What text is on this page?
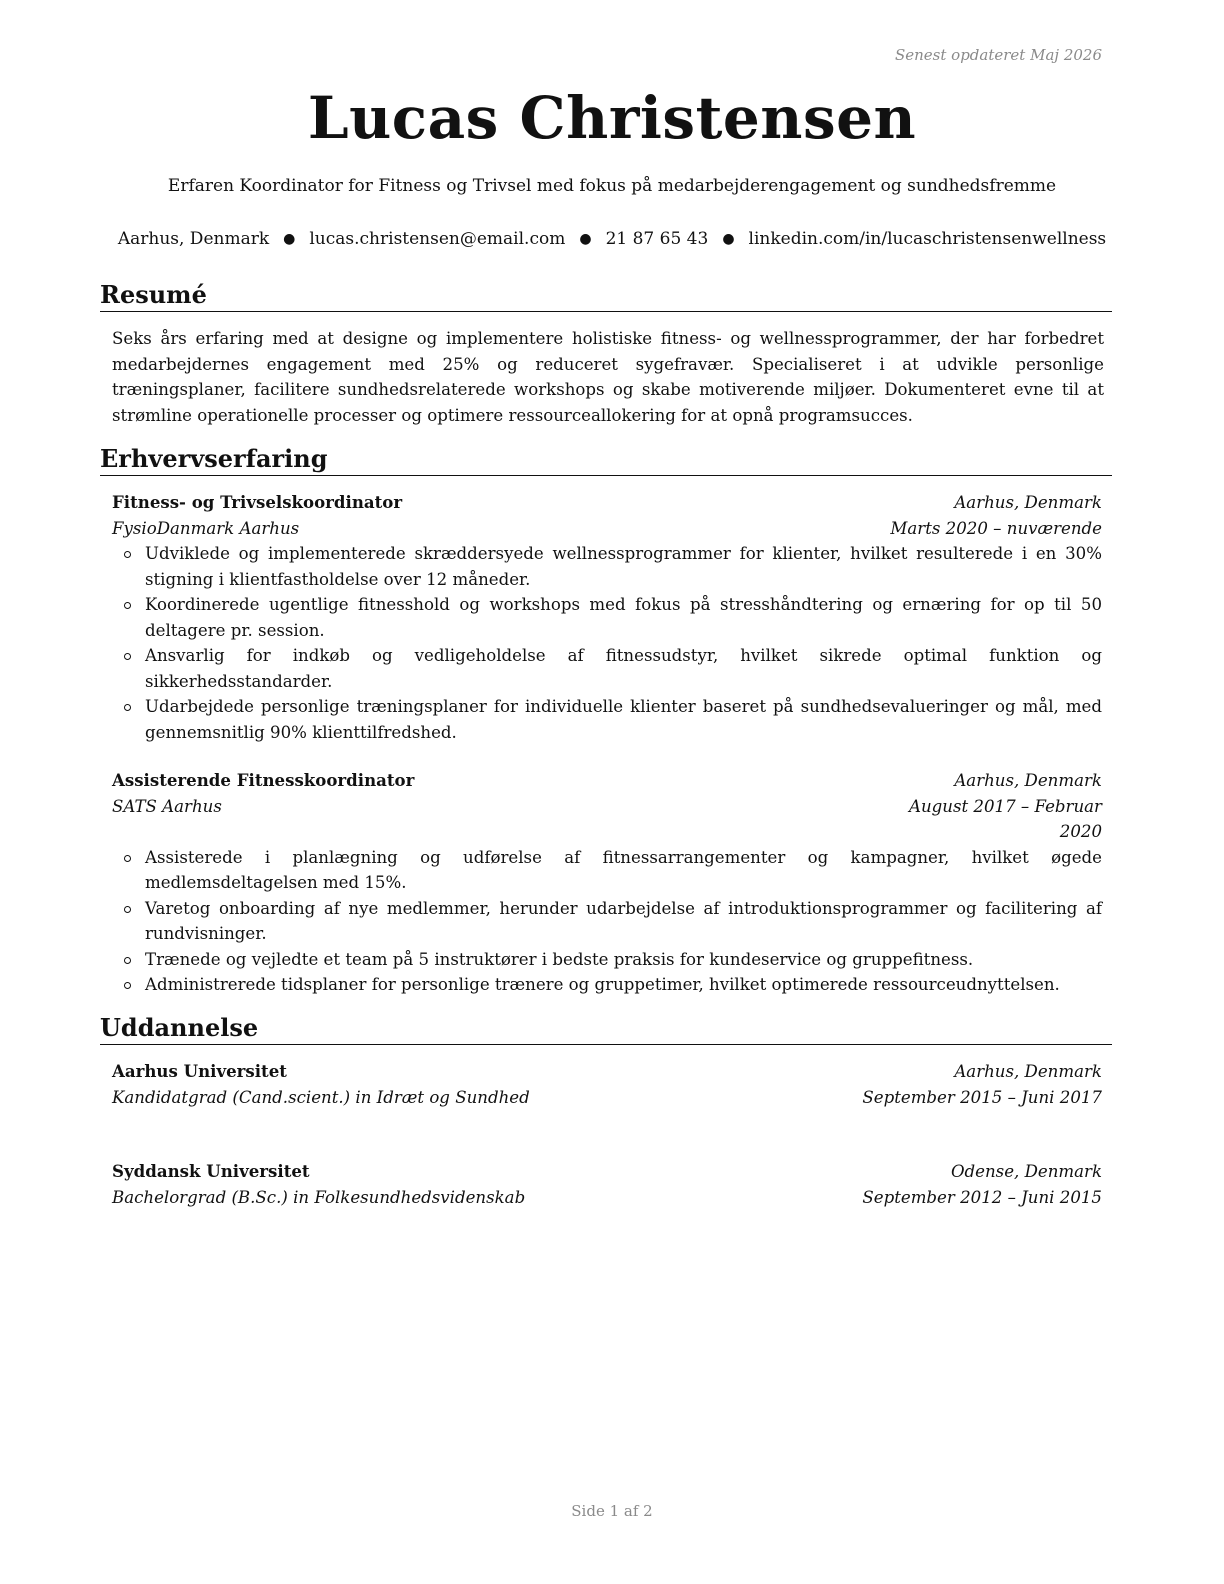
Senest opdateret Maj 2026
Lucas Christensen
Erfaren Koordinator for Fitness og Trivsel med fokus på medarbejderengagement og sundhedsfremme
Aarhus, Denmark ● lucas.christensen@email.com ● 21 87 65 43 ● linkedin.com/in/lucaschristensenwellness
Resumé
Seks års erfaring med at designe og implementere holistiske fitness- og wellnessprogrammer, der har forbedret medarbejdernes engagement med 25% og reduceret sygefravær. Specialiseret i at udvikle personlige træningsplaner, facilitere sundhedsrelaterede workshops og skabe motiverende miljøer. Dokumenteret evne til at strømline operationelle processer og optimere ressourceallokering for at opnå programsucces.
Erhvervserfaring
Fitness- og Trivselskoordinator	Aarhus, Denmark
FysioDanmark Aarhus	Marts 2020 – nuværende
Udviklede og implementerede skræddersyede wellnessprogrammer for klienter, hvilket resulterede i en 30% stigning i klientfastholdelse over 12 måneder.
Koordinerede ugentlige fitnesshold og workshops med fokus på stresshåndtering og ernæring for op til 50 deltagere pr. session.
Ansvarlig for indkøb og vedligeholdelse af fitnessudstyr, hvilket sikrede optimal funktion og sikkerhedsstandarder.
Udarbejdede personlige træningsplaner for individuelle klienter baseret på sundhedsevalueringer og mål, med gennemsnitlig 90% klienttilfredshed.
Assisterende Fitnesskoordinator	Aarhus, Denmark
SATS Aarhus	August 2017 – Februar 2020
Assisterede i planlægning og udførelse af fitnessarrangementer og kampagner, hvilket øgede medlemsdeltagelsen med 15%.
Varetog onboarding af nye medlemmer, herunder udarbejdelse af introduktionsprogrammer og facilitering af rundvisninger.
Trænede og vejledte et team på 5 instruktører i bedste praksis for kundeservice og gruppefitness.
Administrerede tidsplaner for personlige trænere og gruppetimer, hvilket optimerede ressourceudnyttelsen.
Uddannelse
Aarhus Universitet	Aarhus, Denmark
Kandidatgrad (Cand.scient.) in Idræt og Sundhed	September 2015 – Juni 2017
Syddansk Universitet	Odense, Denmark
Bachelorgrad (B.Sc.) in Folkesundhedsvidenskab	September 2012 – Juni 2015
Side 1 af 2
